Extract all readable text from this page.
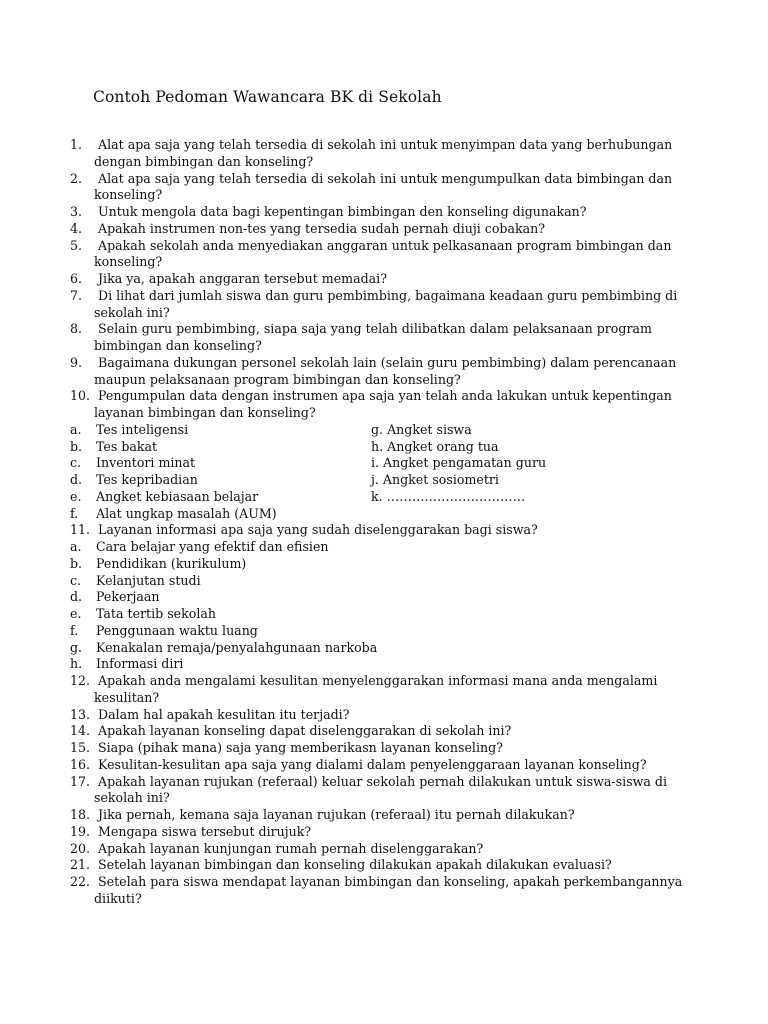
Contoh Pedoman Wawancara BK di Sekolah
1.	Alat apa saja yang telah tersedia di sekolah ini untuk menyimpan data yang berhubungan dengan bimbingan dan konseling?
2.	Alat apa saja yang telah tersedia di sekolah ini untuk mengumpulkan data bimbingan dan konseling?
3.	Untuk mengola data bagi kepentingan bimbingan den konseling digunakan?
4.	Apakah instrumen non-tes yang tersedia sudah pernah diuji cobakan?
5.	Apakah sekolah anda menyediakan anggaran untuk pelkasanaan program bimbingan dan konseling?
6.	Jika ya, apakah anggaran tersebut memadai?
7.	Di lihat dari jumlah siswa dan guru pembimbing, bagaimana keadaan guru pembimbing di sekolah ini?
8.	Selain guru pembimbing, siapa saja yang telah dilibatkan dalam pelaksanaan program bimbingan dan konseling?
9.	Bagaimana dukungan personel sekolah lain (selain guru pembimbing) dalam perencanaan maupun pelaksanaan program bimbingan dan konseling?
10. Pengumpulan data dengan instrumen apa saja yan telah anda lakukan untuk kepentingan layanan bimbingan dan konseling?
a. Tes inteligensi	g. Angket siswa
b. Tes bakat	h. Angket orang tua
c. Inventori minat	i. Angket pengamatan guru
d. Tes kepribadian	j. Angket sosiometri
e. Angket kebiasaan belajar	k. ……………………………
f. Alat ungkap masalah (AUM)
11. Layanan informasi apa saja yang sudah diselenggarakan bagi siswa?
a. Cara belajar yang efektif dan efisien
b. Pendidikan (kurikulum)
c. Kelanjutan studi
d. Pekerjaan
e. Tata tertib sekolah
f. Penggunaan waktu luang
g. Kenakalan remaja/penyalahgunaan narkoba
h. Informasi diri
12. Apakah anda mengalami kesulitan menyelenggarakan informasi mana anda mengalami kesulitan?
13. Dalam hal apakah kesulitan itu terjadi?
14. Apakah layanan konseling dapat diselenggarakan di sekolah ini?
15. Siapa (pihak mana) saja yang memberikasn layanan konseling?
16. Kesulitan-kesulitan apa saja yang dialami dalam penyelenggaraan layanan konseling?
17. Apakah layanan rujukan (referaal) keluar sekolah pernah dilakukan untuk siswa-siswa di sekolah ini?
18. Jika pernah, kemana saja layanan rujukan (referaal) itu pernah dilakukan?
19. Mengapa siswa tersebut dirujuk?
20. Apakah layanan kunjungan rumah pernah diselenggarakan?
21. Setelah layanan bimbingan dan konseling dilakukan apakah dilakukan evaluasi?
22. Setelah para siswa mendapat layanan bimbingan dan konseling, apakah perkembangannya diikuti?
